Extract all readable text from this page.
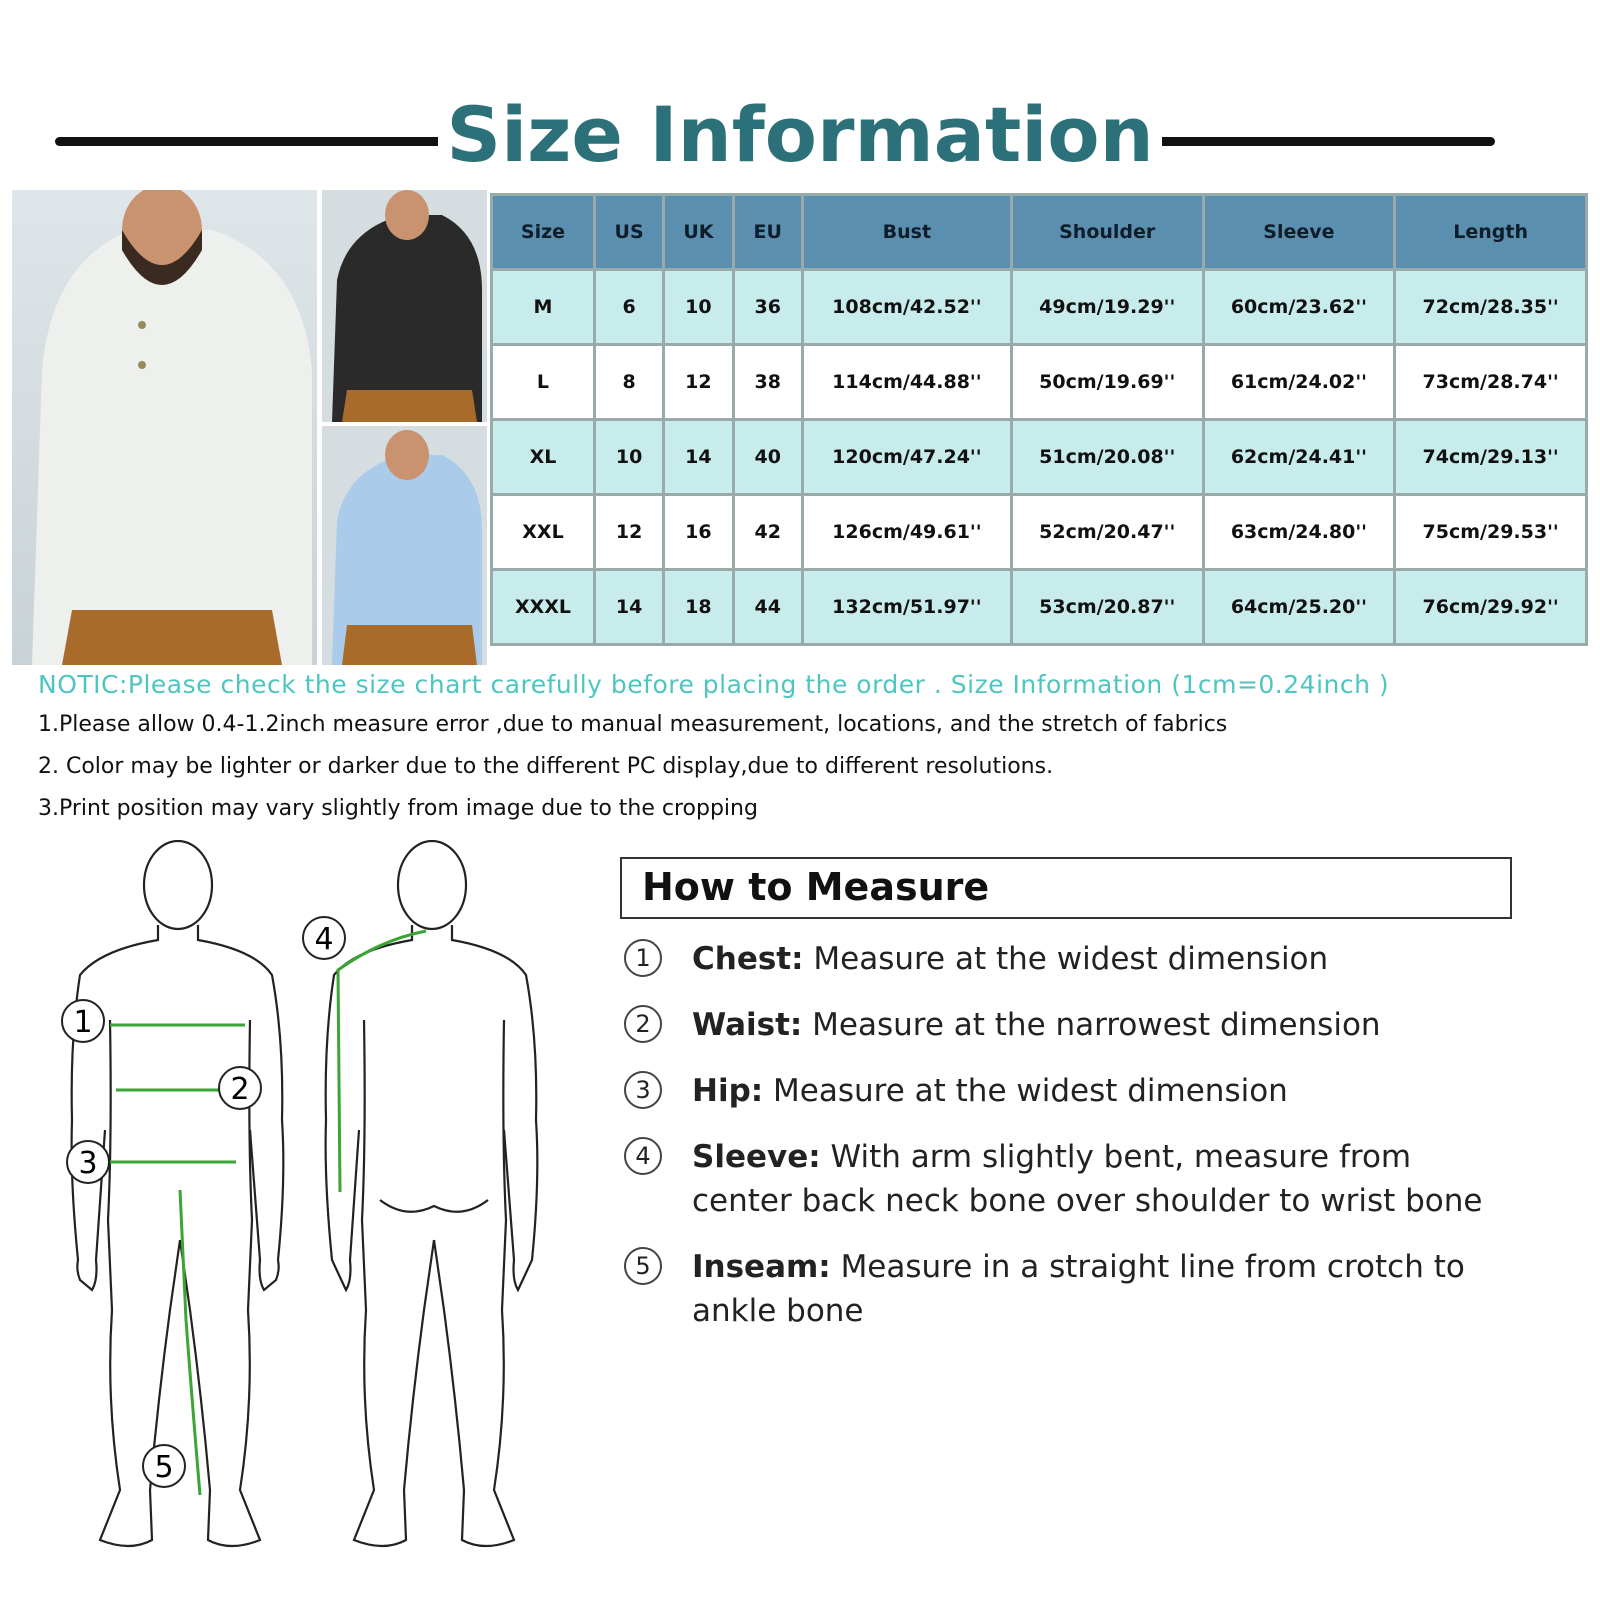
Size Information
Size	US	UK	EU	Bust	Shoulder	Sleeve	Length
M	6	10	36	108cm/42.52''	49cm/19.29''	60cm/23.62''	72cm/28.35''
L	8	12	38	114cm/44.88''	50cm/19.69''	61cm/24.02''	73cm/28.74''
XL	10	14	40	120cm/47.24''	51cm/20.08''	62cm/24.41''	74cm/29.13''
XXL	12	16	42	126cm/49.61''	52cm/20.47''	63cm/24.80''	75cm/29.53''
XXXL	14	18	44	132cm/51.97''	53cm/20.87''	64cm/25.20''	76cm/29.92''
NOTIC:Please check the size chart carefully before placing the order . Size Information (1cm=0.24inch )
1.Please allow 0.4-1.2inch measure error ,due to manual measurement, locations, and the stretch of fabrics
2. Color may be lighter or darker due to the different PC display,due to different resolutions.
3.Print position may vary slightly from image due to the cropping
1
2
3
4
5
How to Measure
1	Chest: Measure at the widest dimension
2	Waist: Measure at the narrowest dimension
3	Hip: Measure at the widest dimension
4	Sleeve: With arm slightly bent, measure from center back neck bone over shoulder to wrist bone
5	Inseam: Measure in a straight line from crotch to ankle bone
